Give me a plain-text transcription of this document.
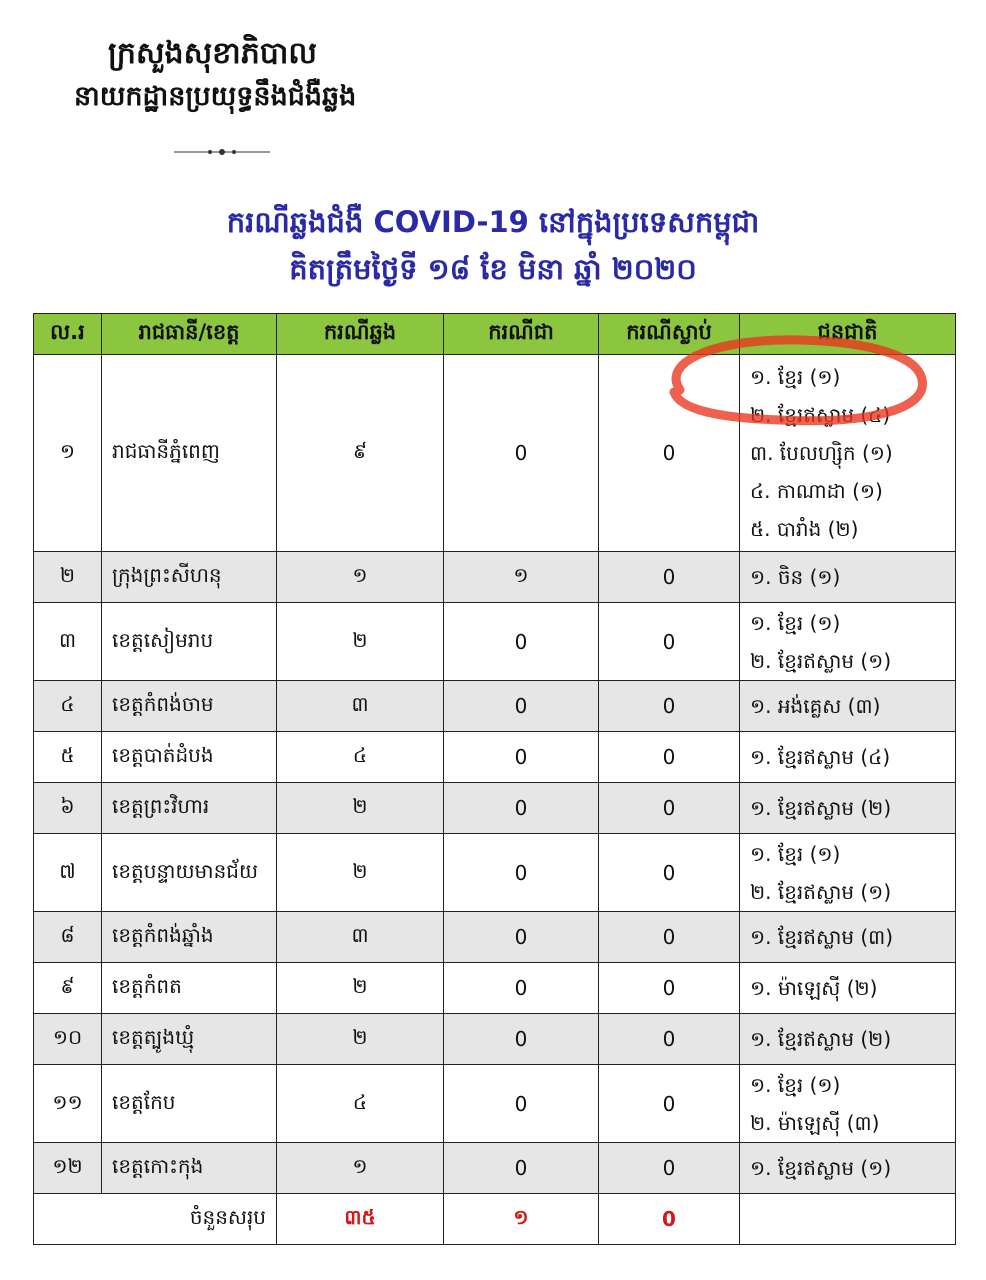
ក្រសួងសុខាភិបាល
នាយកដ្ឋានប្រយុទ្ធនឹងជំងឺឆ្លង
ករណីឆ្លងជំងឺ COVID-19 នៅក្នុងប្រទេសកម្ពុជា
គិតត្រឹមថ្ងៃទី ១៨ ខែ មិនា ឆ្នាំ ២០២០
ល.រ	រាជធានី/ខេត្ត	ករណីឆ្លង	ករណីជា	ករណីស្លាប់	ជនជាតិ
១	រាជធានីភ្នំពេញ	៩	0	0	១. ខ្មែរ (១)
២. ខ្មែរឥស្លាម (៤)
៣. បែលហ្ស៊ិក (១)
៤. កាណាដា (១)
៥. បារាំង (២)

២	ក្រុងព្រះសីហនុ	១	១	0	១. ចិន (១)

៣	ខេត្តសៀមរាប	២	0	0	១. ខ្មែរ (១)
២. ខ្មែរឥស្លាម (១)

៤	ខេត្តកំពង់ចាម	៣	0	0	១. អង់គ្លេស (៣)

៥	ខេត្តបាត់ដំបង	៤	0	0	១. ខ្មែរឥស្លាម (៤)

៦	ខេត្តព្រះវិហារ	២	0	0	១. ខ្មែរឥស្លាម (២)

៧	ខេត្តបន្ទាយមានជ័យ	២	0	0	១. ខ្មែរ (១)
២. ខ្មែរឥស្លាម (១)

៨	ខេត្តកំពង់ឆ្នាំង	៣	0	0	១. ខ្មែរឥស្លាម (៣)

៩	ខេត្តកំពត	២	0	0	១. ម៉ាឡេស៊ី (២)

១០	ខេត្តត្បូងឃ្មុំ	២	0	0	១. ខ្មែរឥស្លាម (២)

១១	ខេត្តកែប	៤	0	0	១. ខ្មែរ (១)
២. ម៉ាឡេស៊ី (៣)

១២	ខេត្តកោះកុង	១	0	0	១. ខ្មែរឥស្លាម (១)

ចំនួនសរុប		៣៥	១	0	
